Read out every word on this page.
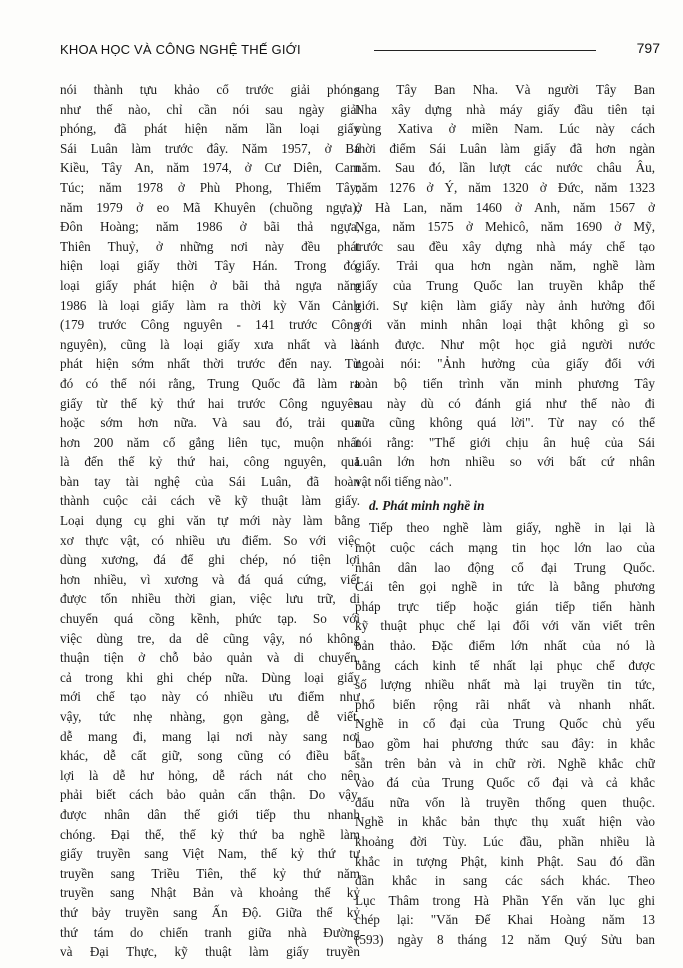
KHOA HỌC VÀ CÔNG NGHỆ THẾ GIỚI	797
nói thành tựu khảo cổ trước giải phóng
như thế nào, chỉ cần nói sau ngày giải
phóng, đã phát hiện năm lần loại giấy
Sái Luân làm trước đây. Năm 1957, ở Bá
Kiều, Tây An, năm 1974, ở Cư Diên, Cam
Túc; năm 1978 ở Phù Phong, Thiểm Tây;
năm 1979 ở eo Mã Khuyên (chuồng ngựa),
Đôn Hoàng; năm 1986 ở bãi thả ngựa,
Thiên Thuỷ, ở những nơi này đều phát
hiện loại giấy thời Tây Hán. Trong đó,
loại giấy phát hiện ở bãi thả ngựa năm
1986 là loại giấy làm ra thời kỳ Văn Cảnh
(179 trước Công nguyên - 141 trước Công
nguyên), cũng là loại giấy xưa nhất và là
phát hiện sớm nhất thời trước đến nay. Từ
đó có thể nói rằng, Trung Quốc đã làm ra
giấy từ thế kỷ thứ hai trước Công nguyên
hoặc sớm hơn nữa. Và sau đó, trải qua
hơn 200 năm cố gắng liên tục, muộn nhất
là đến thế kỷ thứ hai, công nguyên, qua
bàn tay tài nghệ của Sái Luân, đã hoàn
thành cuộc cải cách về kỹ thuật làm giấy.
Loại dụng cụ ghi văn tự mới này làm bằng
xơ thực vật, có nhiều ưu điểm. So với việc
dùng xương, đá để ghi chép, nó tiện lợi
hơn nhiều, vì xương và đá quá cứng, viết
được tốn nhiều thời gian, việc lưu trữ, di
chuyển quá cồng kềnh, phức tạp. So với
việc dùng tre, da dê cũng vậy, nó không
thuận tiện ở chỗ bảo quản và di chuyển,
cả trong khi ghi chép nữa. Dùng loại giấy
mới chế tạo này có nhiều ưu điểm như
vậy, tức nhẹ nhàng, gọn gàng, dễ viết,
dễ mang đi, mang lại nơi này sang nơi
khác, dễ cất giữ, song cũng có điều bất
lợi là dễ hư hỏng, dễ rách nát cho nên
phải biết cách bảo quản cẩn thận. Do vậy,
được nhân dân thế giới tiếp thu nhanh
chóng. Đại thể, thế kỷ thứ ba nghề làm
giấy truyền sang Việt Nam, thế kỷ thứ tư
truyền sang Triều Tiên, thế kỷ thứ năm
truyền sang Nhật Bản và khoảng thế kỷ
thứ bảy truyền sang Ấn Độ. Giữa thế kỷ
thứ tám do chiến tranh giữa nhà Đường
và Đại Thực, kỹ thuật làm giấy truyền
sang Tây Ban Nha. Và người Tây Ban
Nha xây dựng nhà máy giấy đầu tiên tại
vùng Xativa ở miền Nam. Lúc này cách
thời điểm Sái Luân làm giấy đã hơn ngàn
năm. Sau đó, lần lượt các nước châu Âu,
năm 1276 ở Ý, năm 1320 ở Đức, năm 1323
ở Hà Lan, năm 1460 ở Anh, năm 1567 ở
Nga, năm 1575 ở Mehicô, năm 1690 ở Mỹ,
trước sau đều xây dựng nhà máy chế tạo
giấy. Trải qua hơn ngàn năm, nghề làm
giấy của Trung Quốc lan truyền khắp thế
giới. Sự kiện làm giấy này ảnh hưởng đối
với văn minh nhân loại thật không gì so
sánh được. Như một học giả người nước
ngoài nói: "Ảnh hưởng của giấy đối với
toàn bộ tiến trình văn minh phương Tây
sau này dù có đánh giá như thế nào đi
nữa cũng không quá lời". Từ nay có thể
nói rằng: "Thế giới chịu ân huệ của Sái
Luân lớn hơn nhiều so với bất cứ nhân
vật nổi tiếng nào".
d. Phát minh nghề in
Tiếp theo nghề làm giấy, nghề in lại là
một cuộc cách mạng tin học lớn lao của
nhân dân lao động cổ đại Trung Quốc.
Cái tên gọi nghề in tức là bằng phương
pháp trực tiếp hoặc gián tiếp tiến hành
kỹ thuật phục chế lại đối với văn viết trên
bản thảo. Đặc điểm lớn nhất của nó là
bằng cách kinh tế nhất lại phục chế được
số lượng nhiều nhất mà lại truyền tin tức,
phổ biến rộng rãi nhất và nhanh nhất.
Nghề in cổ đại của Trung Quốc chủ yếu
bao gồm hai phương thức sau đây: in khắc
sẵn trên bản và in chữ rời. Nghề khắc chữ
vào đá của Trung Quốc cổ đại và cả khắc
dấu nữa vốn là truyền thống quen thuộc.
Nghề in khắc bản thực thụ xuất hiện vào
khoảng đời Tùy. Lúc đầu, phần nhiều là
khắc in tượng Phật, kinh Phật. Sau đó dần
dần khắc in sang các sách khác. Theo
Lục Thâm trong Hà Phần Yến văn lục ghi
chép lại: "Văn Đế Khai Hoàng năm 13
(593) ngày 8 tháng 12 năm Quý Sửu ban
